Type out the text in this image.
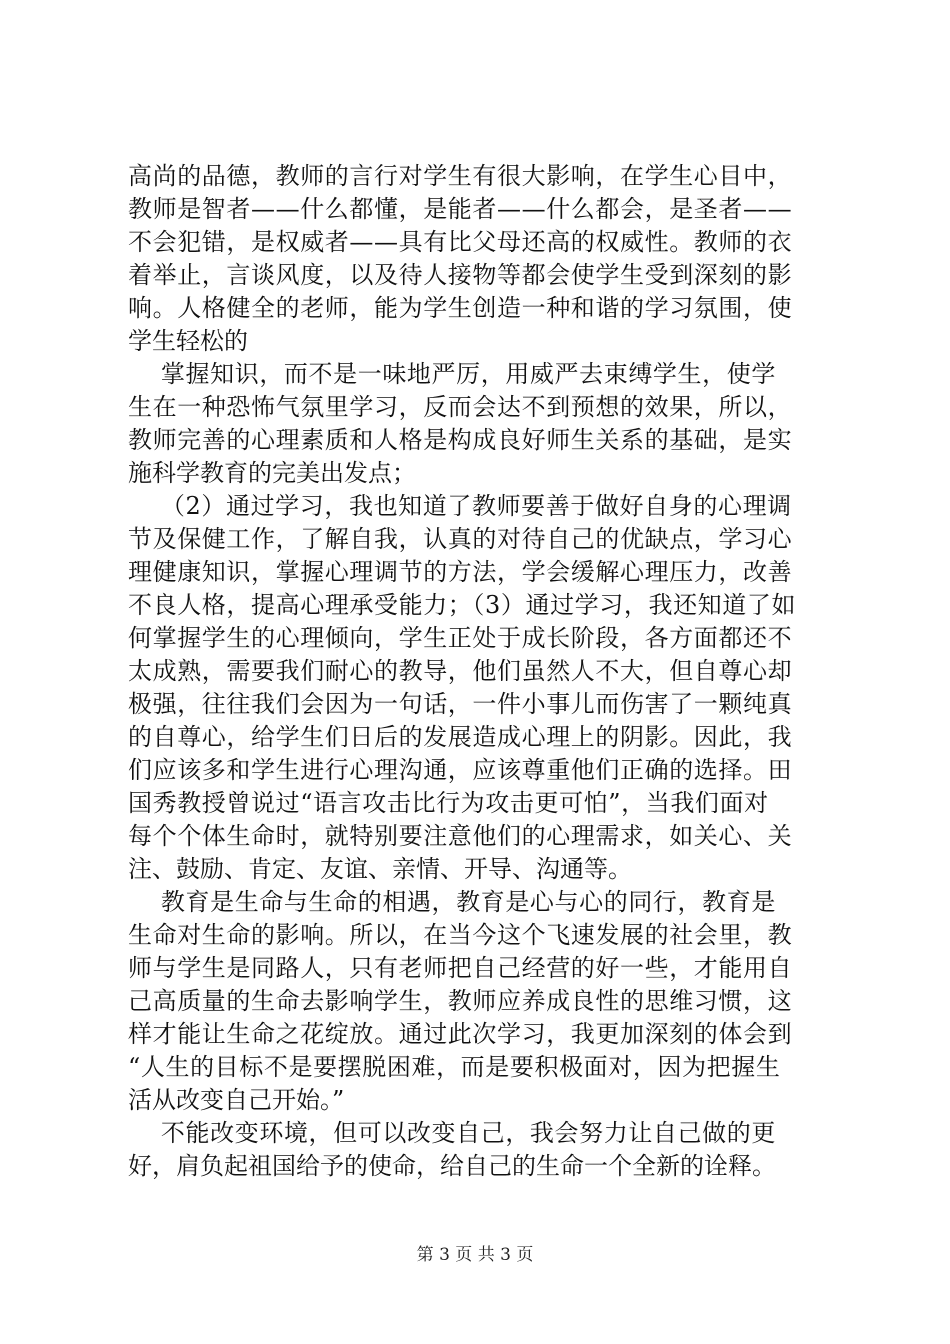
高尚的品德，教师的言行对学生有很大影响，在学生心目中，
教师是智者——什么都懂，是能者——什么都会，是圣者——
不会犯错，是权威者——具有比父母还高的权威性。教师的衣
着举止，言谈风度，以及待人接物等都会使学生受到深刻的影
响。人格健全的老师，能为学生创造一种和谐的学习氛围，使
学生轻松的
掌握知识，而不是一味地严厉，用威严去束缚学生，使学
生在一种恐怖气氛里学习，反而会达不到预想的效果，所以，
教师完善的心理素质和人格是构成良好师生关系的基础，是实
施科学教育的完美出发点；
（2）通过学习，我也知道了教师要善于做好自身的心理调
节及保健工作，了解自我，认真的对待自己的优缺点，学习心
理健康知识，掌握心理调节的方法，学会缓解心理压力，改善
不良人格，提高心理承受能力；（3）通过学习，我还知道了如
何掌握学生的心理倾向，学生正处于成长阶段，各方面都还不
太成熟，需要我们耐心的教导，他们虽然人不大，但自尊心却
极强，往往我们会因为一句话，一件小事儿而伤害了一颗纯真
的自尊心，给学生们日后的发展造成心理上的阴影。因此，我
们应该多和学生进行心理沟通，应该尊重他们正确的选择。田
国秀教授曾说过“语言攻击比行为攻击更可怕”，当我们面对
每个个体生命时，就特别要注意他们的心理需求，如关心、关
注、鼓励、肯定、友谊、亲情、开导、沟通等。
教育是生命与生命的相遇，教育是心与心的同行，教育是
生命对生命的影响。所以，在当今这个飞速发展的社会里，教
师与学生是同路人，只有老师把自己经营的好一些，才能用自
己高质量的生命去影响学生，教师应养成良性的思维习惯，这
样才能让生命之花绽放。通过此次学习，我更加深刻的体会到
“人生的目标不是要摆脱困难，而是要积极面对，因为把握生
活从改变自己开始。”
不能改变环境，但可以改变自己，我会努力让自己做的更
好，肩负起祖国给予的使命，给自己的生命一个全新的诠释。
第 3 页 共 3 页
